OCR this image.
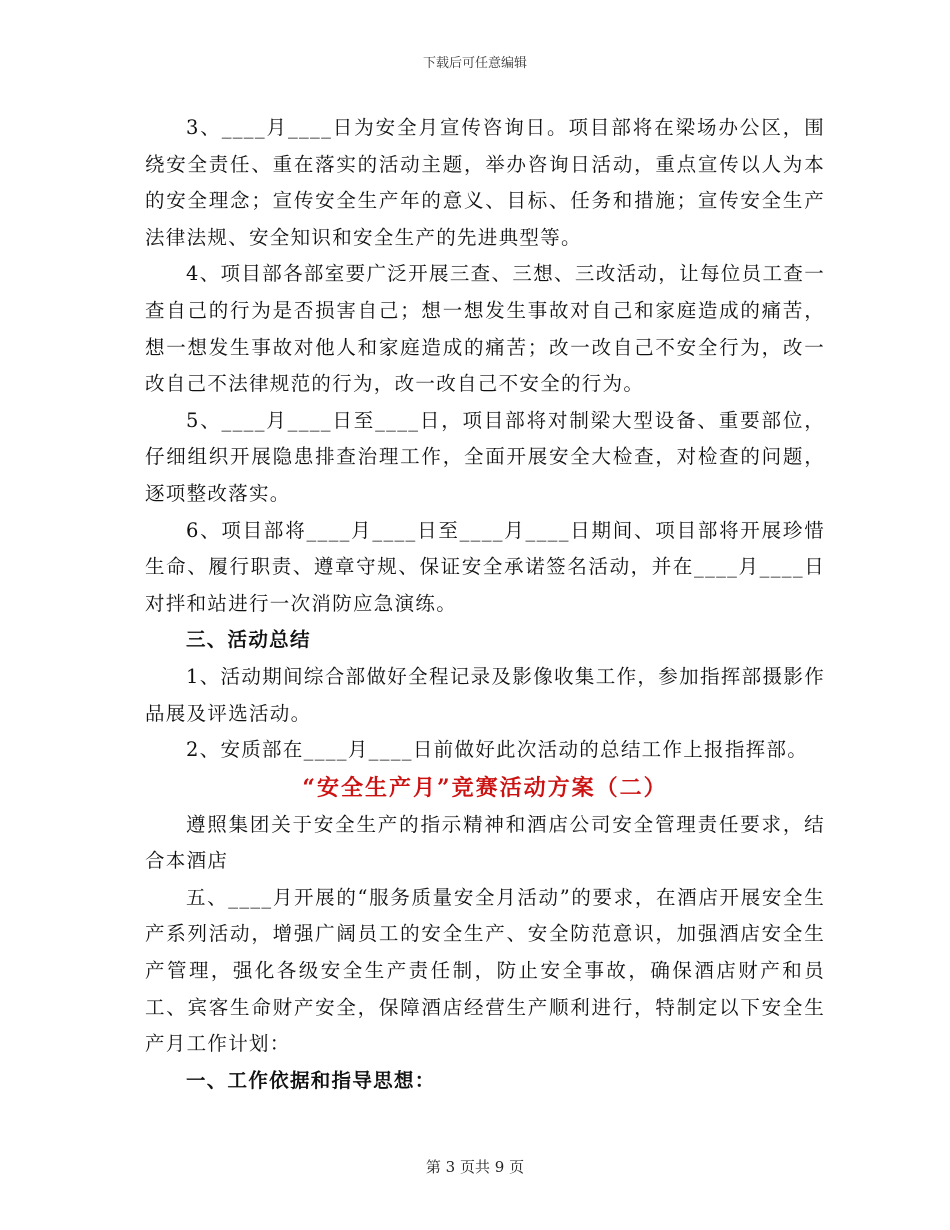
下载后可任意编辑

3、____月____日为安全月宣传咨询日。项目部将在梁场办公区，围绕安全责任、重在落实的活动主题，举办咨询日活动，重点宣传以人为本的安全理念；宣传安全生产年的意义、目标、任务和措施；宣传安全生产法律法规、安全知识和安全生产的先进典型等。

4、项目部各部室要广泛开展三查、三想、三改活动，让每位员工查一查自己的行为是否损害自己；想一想发生事故对自己和家庭造成的痛苦，想一想发生事故对他人和家庭造成的痛苦；改一改自己不安全行为，改一改自己不法律规范的行为，改一改自己不安全的行为。

5、____月____日至____日，项目部将对制梁大型设备、重要部位，仔细组织开展隐患排查治理工作，全面开展安全大检查，对检查的问题，逐项整改落实。

6、项目部将____月____日至____月____日期间、项目部将开展珍惜生命、履行职责、遵章守规、保证安全承诺签名活动，并在____月____日对拌和站进行一次消防应急演练。

三、活动总结

1、活动期间综合部做好全程记录及影像收集工作，参加指挥部摄影作品展及评选活动。

2、安质部在____月____日前做好此次活动的总结工作上报指挥部。

“安全生产月”竞赛活动方案（二）

遵照集团关于安全生产的指示精神和酒店公司安全管理责任要求，结合本酒店

五、____月开展的“服务质量安全月活动”的要求，在酒店开展安全生产系列活动，增强广阔员工的安全生产、安全防范意识，加强酒店安全生产管理，强化各级安全生产责任制，防止安全事故，确保酒店财产和员工、宾客生命财产安全，保障酒店经营生产顺利进行，特制定以下安全生产月工作计划：

一、工作依据和指导思想：

第 3 页共 9 页
